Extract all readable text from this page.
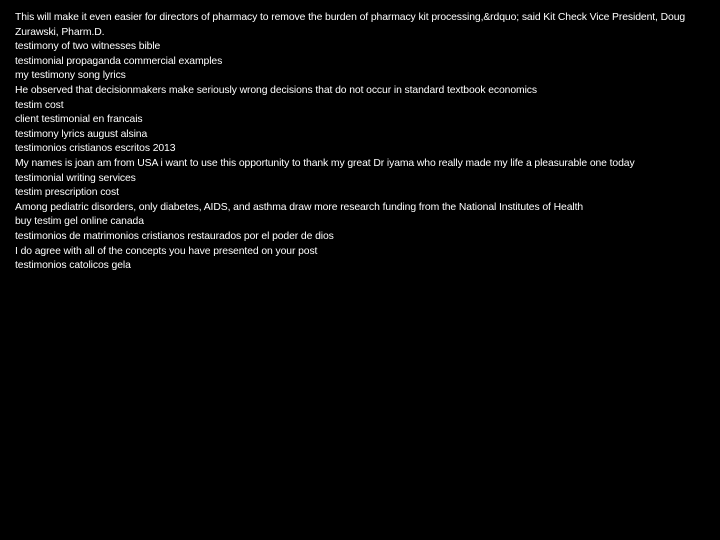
This will make it even easier for directors of pharmacy to remove the burden of pharmacy kit processing,&rdquo; said Kit Check Vice President, Doug Zurawski, Pharm.D.
testimony of two witnesses bible
testimonial propaganda commercial examples
my testimony song lyrics
He observed that decisionmakers make seriously wrong decisions that do not occur in standard textbook economics
testim cost
client testimonial en francais
testimony lyrics august alsina
testimonios cristianos escritos 2013
My names is joan am from USA i want to use this opportunity to thank my great Dr iyama who really made my life a pleasurable one today
testimonial writing services
testim prescription cost
Among pediatric disorders, only diabetes, AIDS, and asthma draw more research funding from the National Institutes of Health
buy testim gel online canada
testimonios de matrimonios cristianos restaurados por el poder de dios
I do agree with all of the concepts you have presented on your post
testimonios catolicos gela
